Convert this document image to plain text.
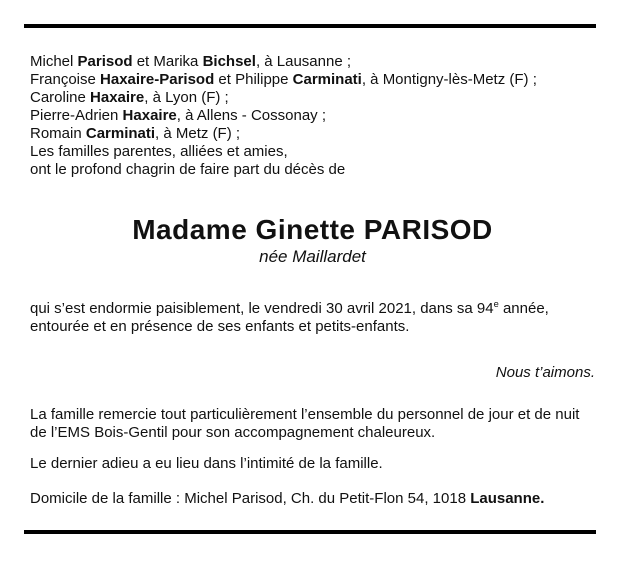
Michel Parisod et Marika Bichsel, à Lausanne ;
Françoise Haxaire-Parisod et Philippe Carminati, à Montigny-lès-Metz (F) ;
Caroline Haxaire, à Lyon (F) ;
Pierre-Adrien Haxaire, à Allens - Cossonay ;
Romain Carminati, à Metz (F) ;
Les familles parentes, alliées et amies,
ont le profond chagrin de faire part du décès de
Madame Ginette PARISOD
née Maillardet
qui s’est endormie paisiblement, le vendredi 30 avril 2021, dans sa 94e année, entourée et en présence de ses enfants et petits-enfants.
Nous t’aimons.
La famille remercie tout particulièrement l’ensemble du personnel de jour et de nuit de l’EMS Bois-Gentil pour son accompagnement chaleureux.
Le dernier adieu a eu lieu dans l’intimité de la famille.
Domicile de la famille : Michel Parisod, Ch. du Petit-Flon 54, 1018 Lausanne.
